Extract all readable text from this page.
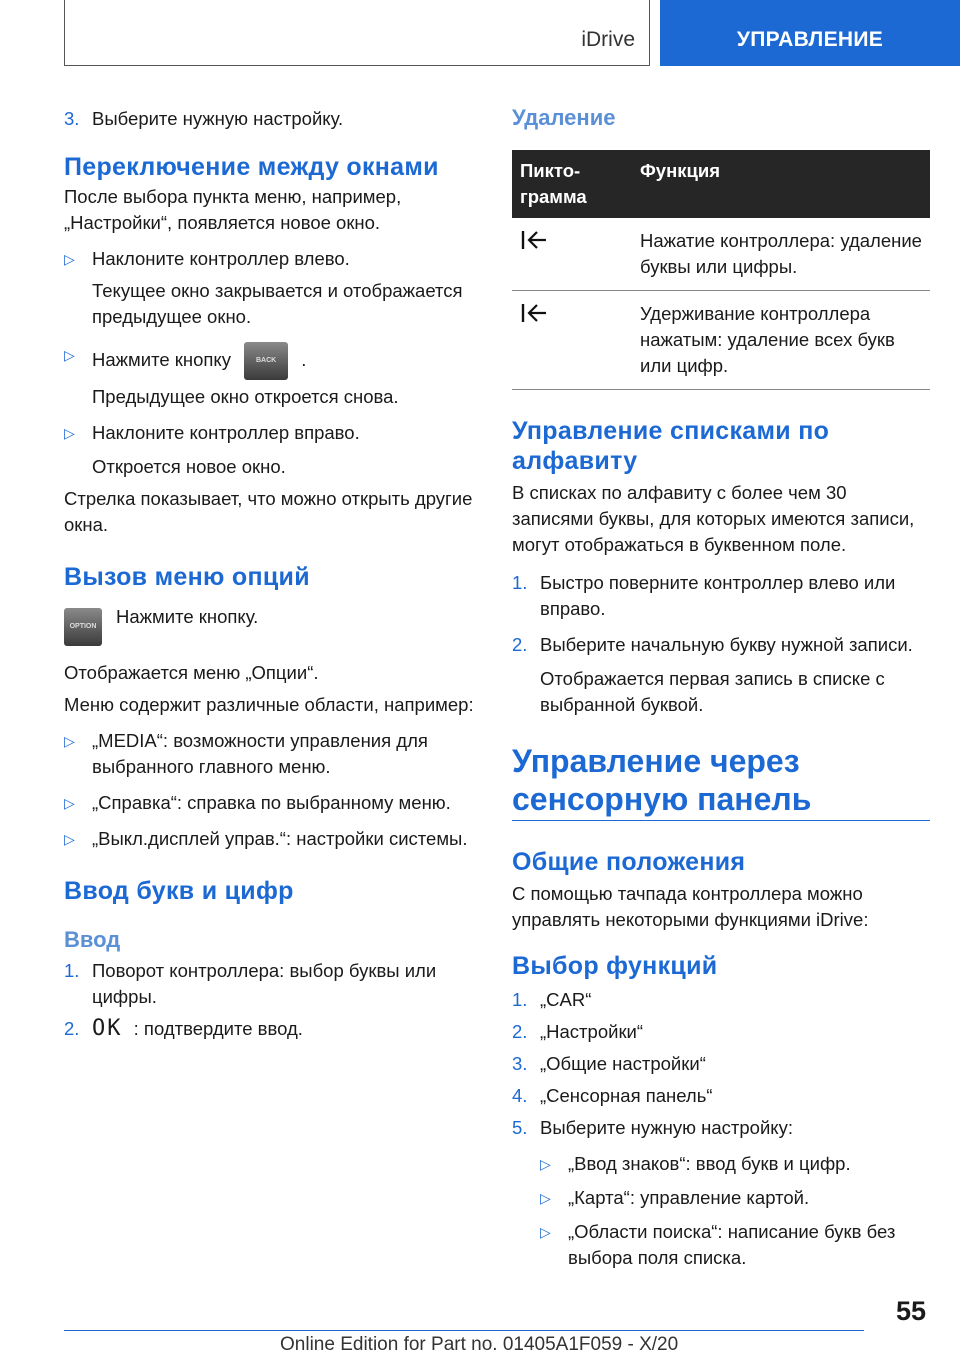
iDrive	УПРАВЛЕНИЕ
3. Выберите нужную настройку.
Переключение между окнами

После выбора пункта меню, например, „Настройки“, появляется новое окно.

▷ Наклоните контроллер влево.

Текущее окно закрывается и отображается предыдущее окно.

▷ Нажмите кнопку	BACK .

Предыдущее окно откроется снова.

▷ Наклоните контроллер вправо.

Откроется новое окно.

Стрелка показывает, что можно открыть другие окна.

Вызов меню опций
OPTION	Нажмите кнопку.

Отображается меню „Опции“.

Меню содержит различные области, например:

▷ „MEDIA“: возможности управления для выбранного главного меню.
▷ „Справка“: справка по выбранному меню.
▷ „Выкл.дисплей управ.“: настройки системы.
Ввод букв и цифр
Ввод
1. Поворот контроллера: выбор буквы или цифры.
2. OK : подтвердите ввод.
Удаление
Пикто-грамма	Функция
	Нажатие контроллера: удаление буквы или цифры.
	Удерживание контроллера нажатым: удаление всех букв или цифр.
Управление списками по алфавиту

В списках по алфавиту с более чем 30 записями буквы, для которых имеются записи, могут отображаться в буквенном поле.

1. Быстро поверните контроллер влево или вправо.
2. Выберите начальную букву нужной записи.

Отображается первая запись в списке с выбранной буквой.

Управление через сенсорную панель
Общие положения

С помощью тачпада контроллера можно управлять некоторыми функциями iDrive:

Выбор функций
1. „CAR“
2. „Настройки“
3. „Общие настройки“
4. „Сенсорная панель“
5. Выберите нужную настройку:
▷ „Ввод знаков“: ввод букв и цифр.
▷ „Карта“: управление картой.
▷ „Области поиска“: написание букв без выбора поля списка.
55
Online Edition for Part no. 01405A1F059 - X/20
